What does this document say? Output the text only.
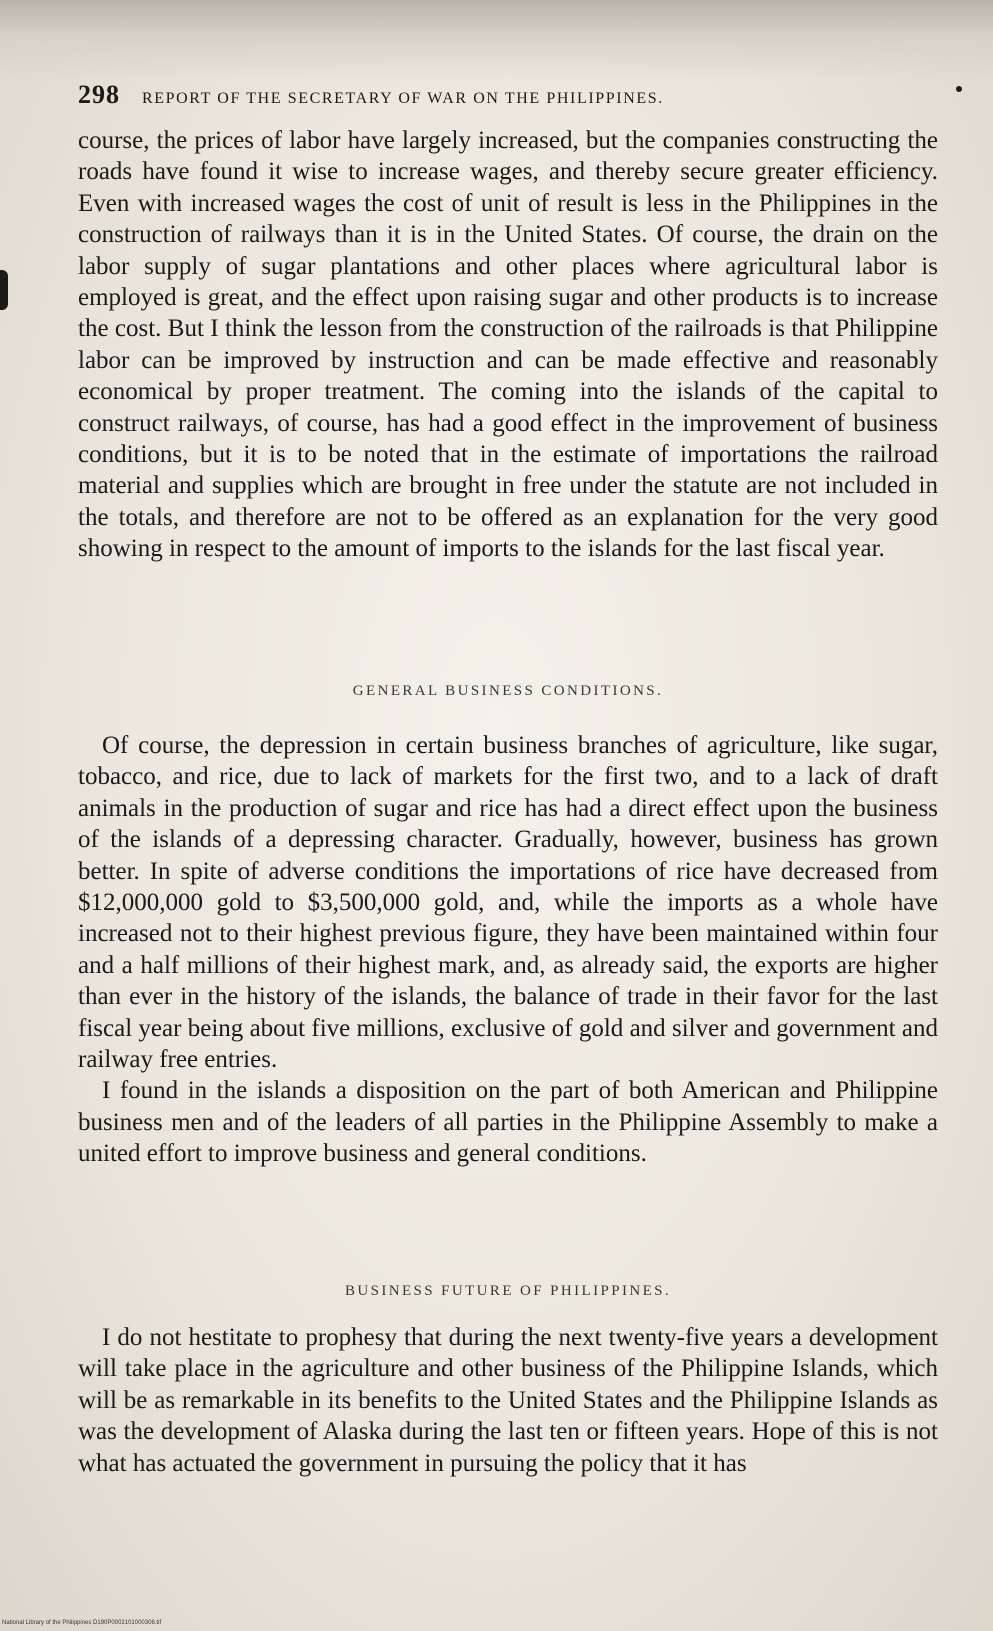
298 REPORT OF THE SECRETARY OF WAR ON THE PHILIPPINES.

course, the prices of labor have largely increased, but the companies constructing the roads have found it wise to increase wages, and thereby secure greater efficiency. Even with increased wages the cost of unit of result is less in the Philippines in the construction of railways than it is in the United States. Of course, the drain on the labor supply of sugar plantations and other places where agricultural labor is employed is great, and the effect upon raising sugar and other products is to increase the cost. But I think the lesson from the construction of the railroads is that Philippine labor can be improved by instruction and can be made effective and reasonably economical by proper treatment. The coming into the islands of the capital to construct railways, of course, has had a good effect in the improvement of business conditions, but it is to be noted that in the estimate of importations the railroad material and supplies which are brought in free under the statute are not included in the totals, and therefore are not to be offered as an explanation for the very good showing in respect to the amount of imports to the islands for the last fiscal year.

GENERAL BUSINESS CONDITIONS.

Of course, the depression in certain business branches of agriculture, like sugar, tobacco, and rice, due to lack of markets for the first two, and to a lack of draft animals in the production of sugar and rice has had a direct effect upon the business of the islands of a depressing character. Gradually, however, business has grown better. In spite of adverse conditions the importations of rice have decreased from $12,000,000 gold to $3,500,000 gold, and, while the imports as a whole have increased not to their highest previous figure, they have been maintained within four and a half millions of their highest mark, and, as already said, the exports are higher than ever in the history of the islands, the balance of trade in their favor for the last fiscal year being about five millions, exclusive of gold and silver and government and railway free entries.

I found in the islands a disposition on the part of both American and Philippine business men and of the leaders of all parties in the Philippine Assembly to make a united effort to improve business and general conditions.

BUSINESS FUTURE OF PHILIPPINES.

I do not hestitate to prophesy that during the next twenty-five years a development will take place in the agriculture and other business of the Philippine Islands, which will be as remarkable in its benefits to the United States and the Philippine Islands as was the development of Alaska during the last ten or fifteen years. Hope of this is not what has actuated the government in pursuing the policy that it has

National Library of the Philippines D190P0002101000306.tif
